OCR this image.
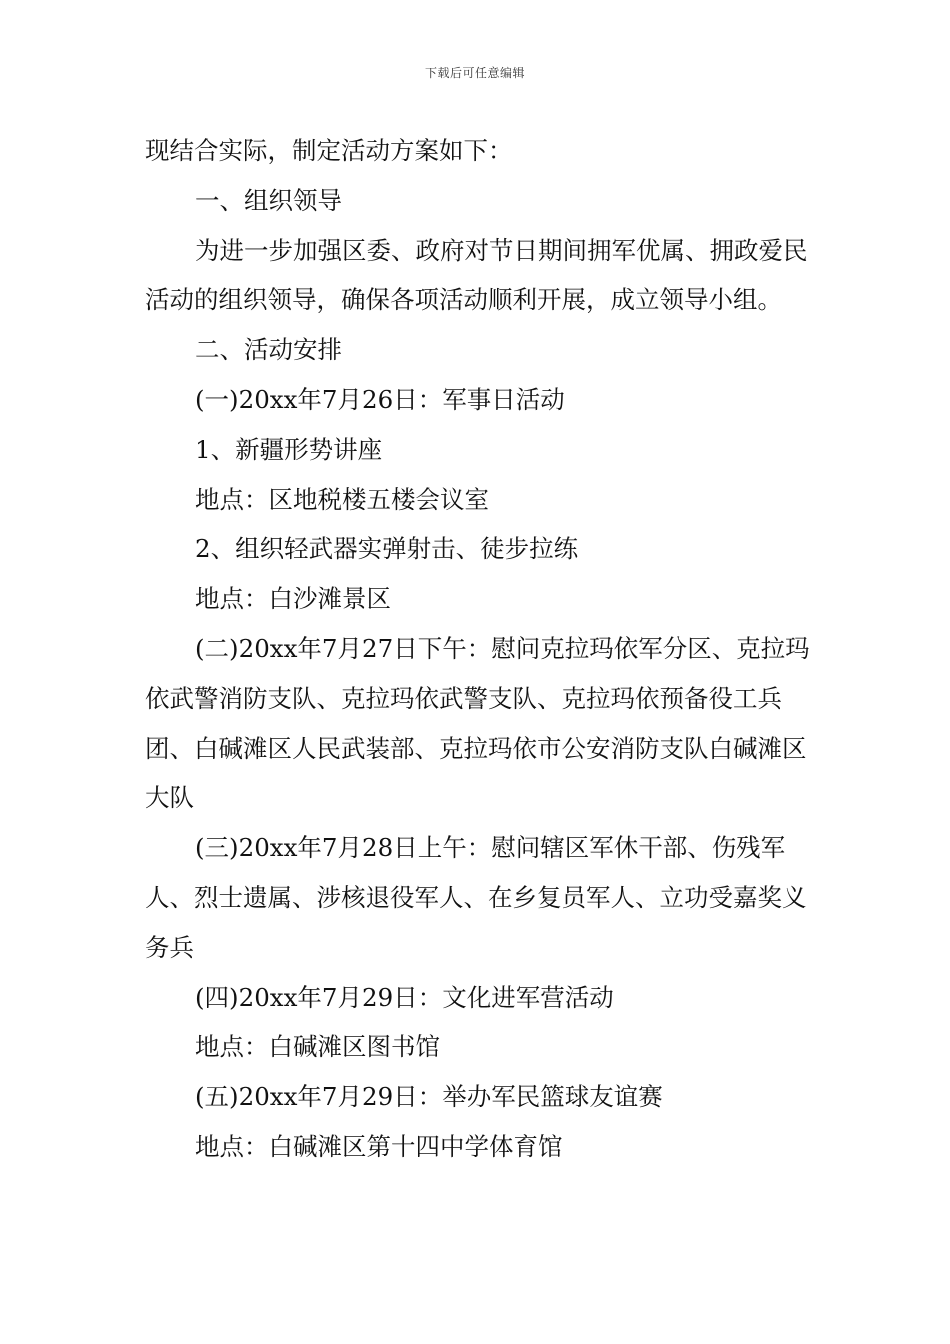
下载后可任意编辑

现结合实际，制定活动方案如下：

一、组织领导

为进一步加强区委、政府对节日期间拥军优属、拥政爱民活动的组织领导，确保各项活动顺利开展，成立领导小组。

二、活动安排

(一)20xx年7月26日：军事日活动

1、新疆形势讲座

地点：区地税楼五楼会议室

2、组织轻武器实弹射击、徒步拉练

地点：白沙滩景区

(二)20xx年7月27日下午：慰问克拉玛依军分区、克拉玛依武警消防支队、克拉玛依武警支队、克拉玛依预备役工兵团、白碱滩区人民武装部、克拉玛依市公安消防支队白碱滩区大队

(三)20xx年7月28日上午：慰问辖区军休干部、伤残军人、烈士遗属、涉核退役军人、在乡复员军人、立功受嘉奖义务兵

(四)20xx年7月29日：文化进军营活动

地点：白碱滩区图书馆

(五)20xx年7月29日：举办军民篮球友谊赛

地点：白碱滩区第十四中学体育馆
